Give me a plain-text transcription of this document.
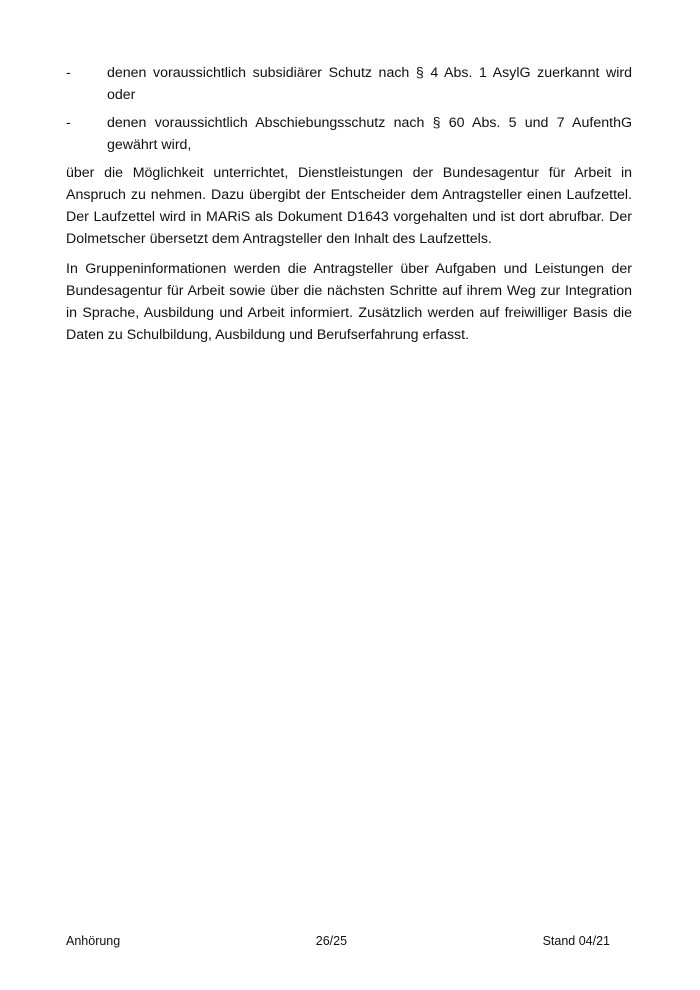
-	denen voraussichtlich subsidiärer Schutz nach § 4 Abs. 1 AsylG zuerkannt wird oder
-	denen voraussichtlich Abschiebungsschutz nach § 60 Abs. 5 und 7 AufenthG gewährt wird,

über die Möglichkeit unterrichtet, Dienstleistungen der Bundesagentur für Arbeit in Anspruch zu nehmen. Dazu übergibt der Entscheider dem Antragsteller einen Laufzettel. Der Laufzettel wird in MARiS als Dokument D1643 vorgehalten und ist dort abrufbar. Der Dolmetscher übersetzt dem Antragsteller den Inhalt des Laufzettels.

In Gruppeninformationen werden die Antragsteller über Aufgaben und Leistungen der Bundesagentur für Arbeit sowie über die nächsten Schritte auf ihrem Weg zur Integration in Sprache, Ausbildung und Arbeit informiert. Zusätzlich werden auf freiwilliger Basis die Daten zu Schulbildung, Ausbildung und Berufserfahrung erfasst.

Anhörung	26/25	Stand 04/21
